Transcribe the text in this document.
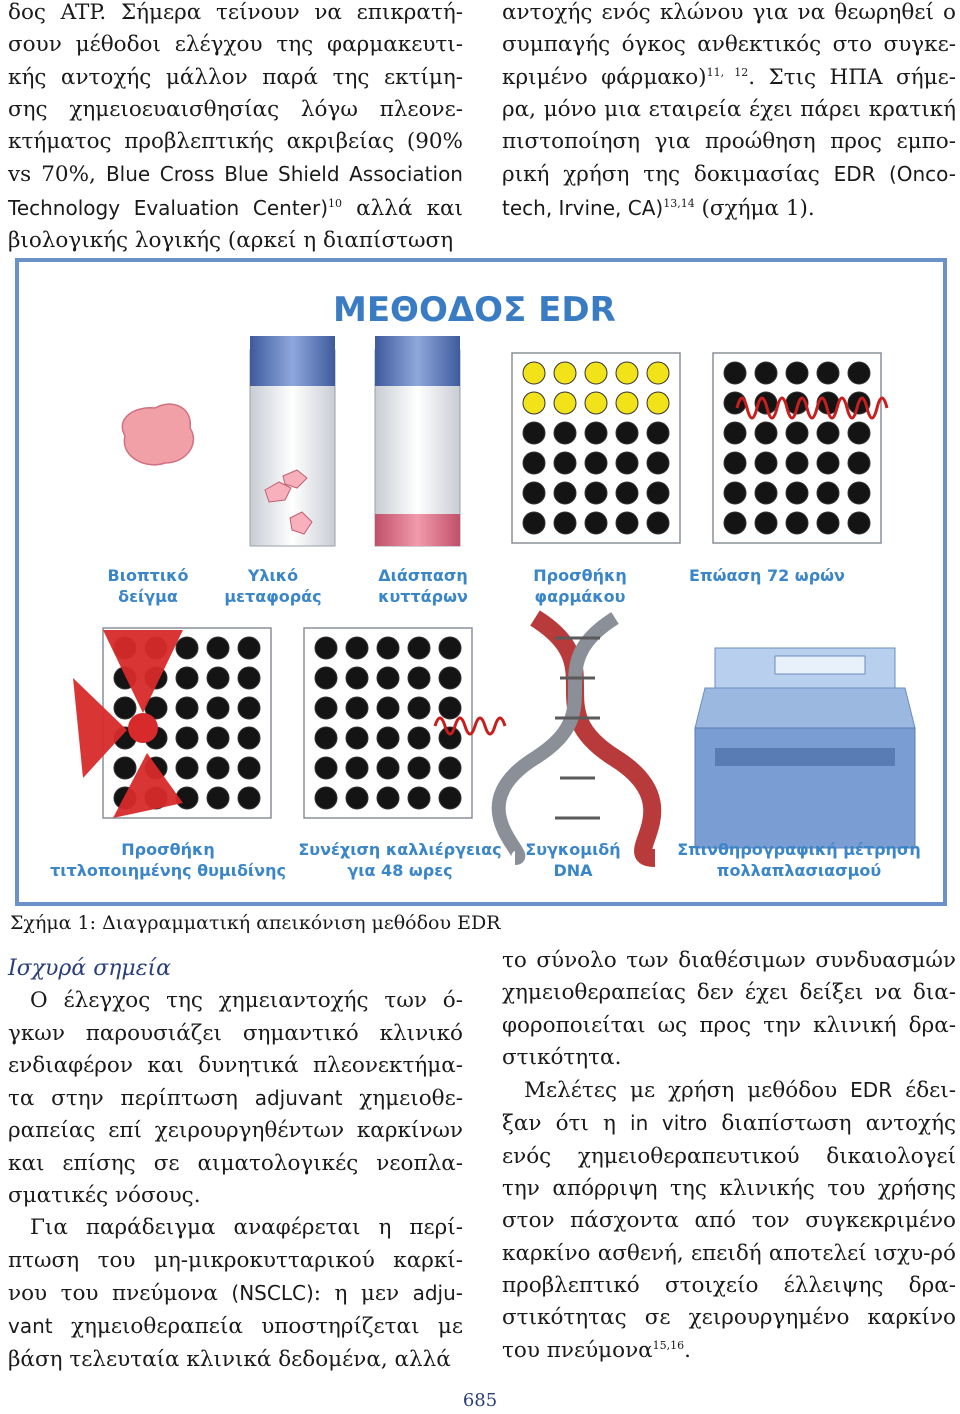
δος ATP. Σήμερα τείνουν να επικρατή-σουν μέθοδοι ελέγχου της φαρμακευτι-κής αντοχής μάλλον παρά της εκτίμη-σης χημειοευαισθησίας λόγω πλεονε-κτήματος προβλεπτικής ακριβείας (90% vs 70%, Blue Cross Blue Shield Association Technology Evaluation Center)$^{10}$ αλλά και βιολογικής λογικής (αρκεί η διαπίστωση

αντοχής ενός κλώνου για να θεωρηθεί ο συμπαγής όγκος ανθεκτικός στο συγκε-κριμένο φάρμακο)$^{11, 12}$. Στις ΗΠΑ σήμε-ρα, μόνο μια εταιρεία έχει πάρει κρατική πιστοποίηση για προώθηση προς εμπο-ρική χρήση της δοκιμασίας EDR (Onco-tech, Irvine, CA)$^{13,14}$ (σχήμα 1).

ΜΕΘΟΔΟΣ EDR
Βιοπτικό
δείγμα
Υλικό
μεταφοράς
Διάσπαση
κυττάρων
Προσθήκη
φαρμάκου
Επώαση 72 ωρών
Προσθήκη
τιτλοποιημένης θυμιδίνης
Συνέχιση καλλιέργειας
για 48 ωρες
Συγκομιδή
DNA
Σπινθηρογραφική μέτρηση
πολλαπλασιασμού
Σχήμα 1: Διαγραμματική απεικόνιση μεθόδου EDR

Ισχυρά σημεία

Ο έλεγχος της χημειαντοχής των ό-γκων παρουσιάζει σημαντικό κλινικό ενδιαφέρον και δυνητικά πλεονεκτήμα-τα στην περίπτωση adjuvant χημειοθε-ραπείας επί χειρουργηθέντων καρκίνων και επίσης σε αιματολογικές νεοπλα-σματικές νόσους.

Για παράδειγμα αναφέρεται η περί-πτωση του μη-μικροκυτταρικού καρκί-νου του πνεύμονα (NSCLC): η μεν adju-vant χημειοθεραπεία υποστηρίζεται με βάση τελευταία κλινικά δεδομένα, αλλά

το σύνολο των διαθέσιμων συνδυασμών χημειοθεραπείας δεν έχει δείξει να δια-φοροποιείται ως προς την κλινική δρα-στικότητα.

Μελέτες με χρήση μεθόδου EDR έδει-ξαν ότι η in vitro διαπίστωση αντοχής ενός χημειοθεραπευτικού δικαιολογεί την απόρριψη της κλινικής του χρήσης στον πάσχοντα από τον συγκεκριμένο καρκίνο ασθενή, επειδή αποτελεί ισχυ-ρό προβλεπτικό στοιχείο έλλειψης δρα-στικότητας σε χειρουργημένο καρκίνο του πνεύμονα$^{15,16}$.

685
